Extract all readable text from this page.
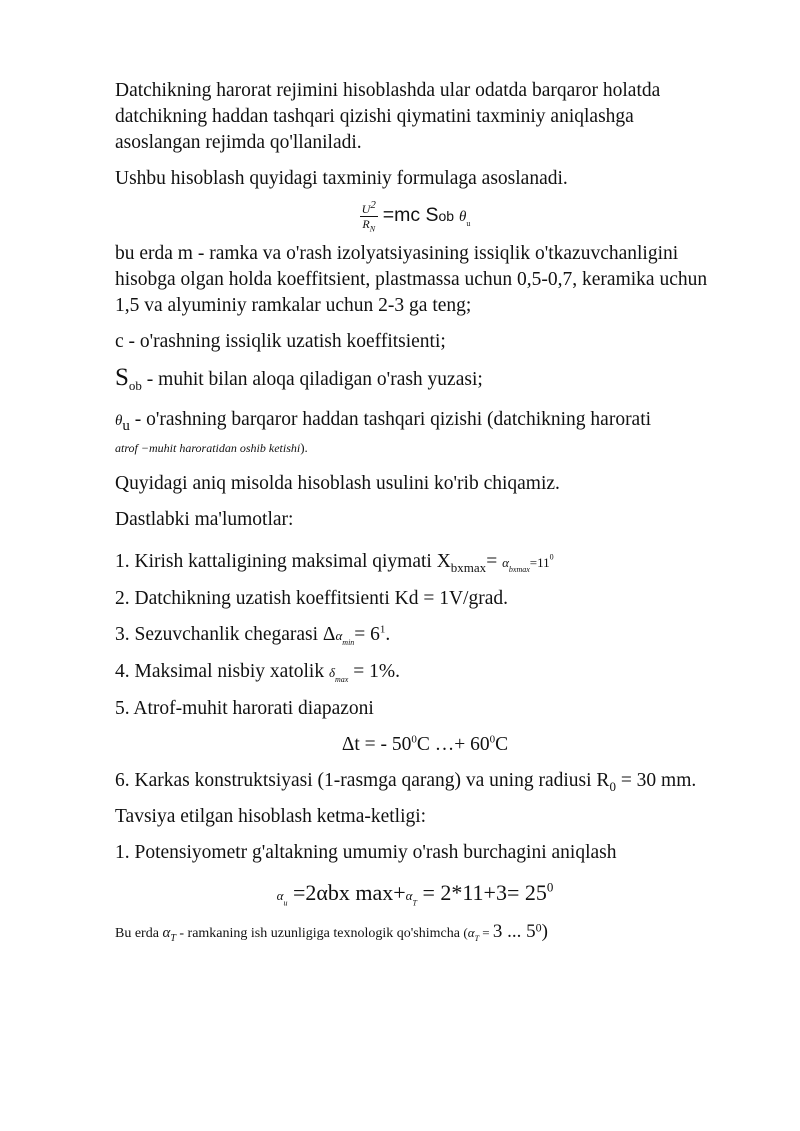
Datchikning harorat rejimini hisoblashda ular odatda barqaror holatda datchikning haddan tashqari qizishi qiymatini taxminiy aniqlashga asoslangan rejimda qo'llaniladi.

Ushbu hisoblash quyidagi taxminiy formulaga asoslanadi.

$\frac{U^2}{R_N} =mc$ Sob $\theta_u$

bu erda m - ramka va o'rash izolyatsiyasining issiqlik o'tkazuvchanligini hisobga olgan holda koeffitsient, plastmassa uchun 0,5-0,7, keramika uchun 1,5 va alyuminiy ramkalar uchun 2-3 ga teng;

c - o'rashning issiqlik uzatish koeffitsienti;

$S_{ob}$ - muhit bilan aloqa qiladigan o'rash yuzasi;

$\theta_u$ - o'rashning barqaror haddan tashqari qizishi (datchikning harorati
atrof −muhit haroratidan oshib ketishi).

Quyidagi aniq misolda hisoblash usulini ko'rib chiqamiz.

Dastlabki ma'lumotlar:

1. Kirish kattaligining maksimal qiymati $X_{bxmax}= \alpha_{bxmax}=11^0$

2. Datchikning uzatish koeffitsienti Kd = 1V/grad.

3. Sezuvchanlik chegarasi $\Delta\alpha_{min}= 6^1$.

4. Maksimal nisbiy xatolik $\delta_{max} = 1\%$.

5. Atrof-muhit harorati diapazoni

Δt = - $50^0C$ …+ $60^0C$

6. Karkas konstruktsiyasi (1-rasmga qarang) va uning radiusi $R_0 = 30$ mm.

Tavsiya etilgan hisoblash ketma-ketligi:

1. Potensiyometr g'altakning umumiy o'rash burchagini aniqlash

$\alpha_u =2\alpha bx$ $\max+\alpha_T = 2*11+3= 25^0$

Bu erda $\alpha_T$ - ramkaning ish uzunligiga texnologik qo'shimcha ($\alpha_T = 3$ ... $5^0$)
